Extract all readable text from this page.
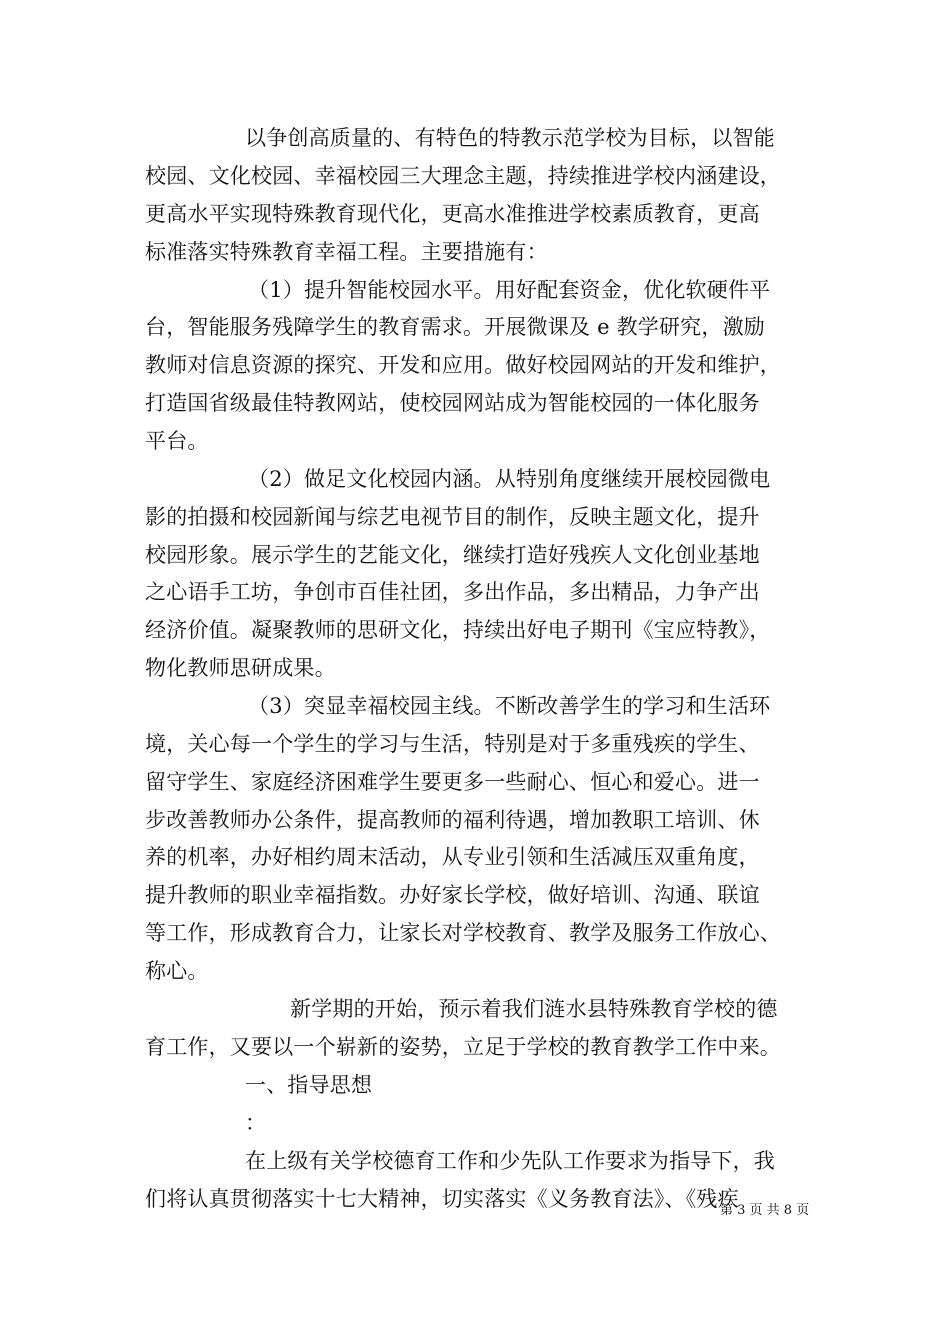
以争创高质量的、有特色的特教示范学校为目标，以智能
校园、文化校园、幸福校园三大理念主题，持续推进学校内涵建设，
更高水平实现特殊教育现代化，更高水准推进学校素质教育，更高
标准落实特殊教育幸福工程。主要措施有：
（1）提升智能校园水平。用好配套资金，优化软硬件平
台，智能服务残障学生的教育需求。开展微课及 e 教学研究，激励
教师对信息资源的探究、开发和应用。做好校园网站的开发和维护，
打造国省级最佳特教网站，使校园网站成为智能校园的一体化服务
平台。
（2）做足文化校园内涵。从特别角度继续开展校园微电
影的拍摄和校园新闻与综艺电视节目的制作，反映主题文化，提升
校园形象。展示学生的艺能文化，继续打造好残疾人文化创业基地
之心语手工坊，争创市百佳社团，多出作品，多出精品，力争产出
经济价值。凝聚教师的思研文化，持续出好电子期刊《宝应特教》，
物化教师思研成果。
（3）突显幸福校园主线。不断改善学生的学习和生活环
境，关心每一个学生的学习与生活，特别是对于多重残疾的学生、
留守学生、家庭经济困难学生要更多一些耐心、恒心和爱心。进一
步改善教师办公条件，提高教师的福利待遇，增加教职工培训、休
养的机率，办好相约周末活动，从专业引领和生活减压双重角度，
提升教师的职业幸福指数。办好家长学校，做好培训、沟通、联谊
等工作，形成教育合力，让家长对学校教育、教学及服务工作放心、
称心。
新学期的开始，预示着我们涟水县特殊教育学校的德
育工作，又要以一个崭新的姿势，立足于学校的教育教学工作中来。
一、指导思想
：
在上级有关学校德育工作和少先队工作要求为指导下，我
们将认真贯彻落实十七大精神，切实落实《义务教育法》、《残疾
第 3 页 共 8 页
